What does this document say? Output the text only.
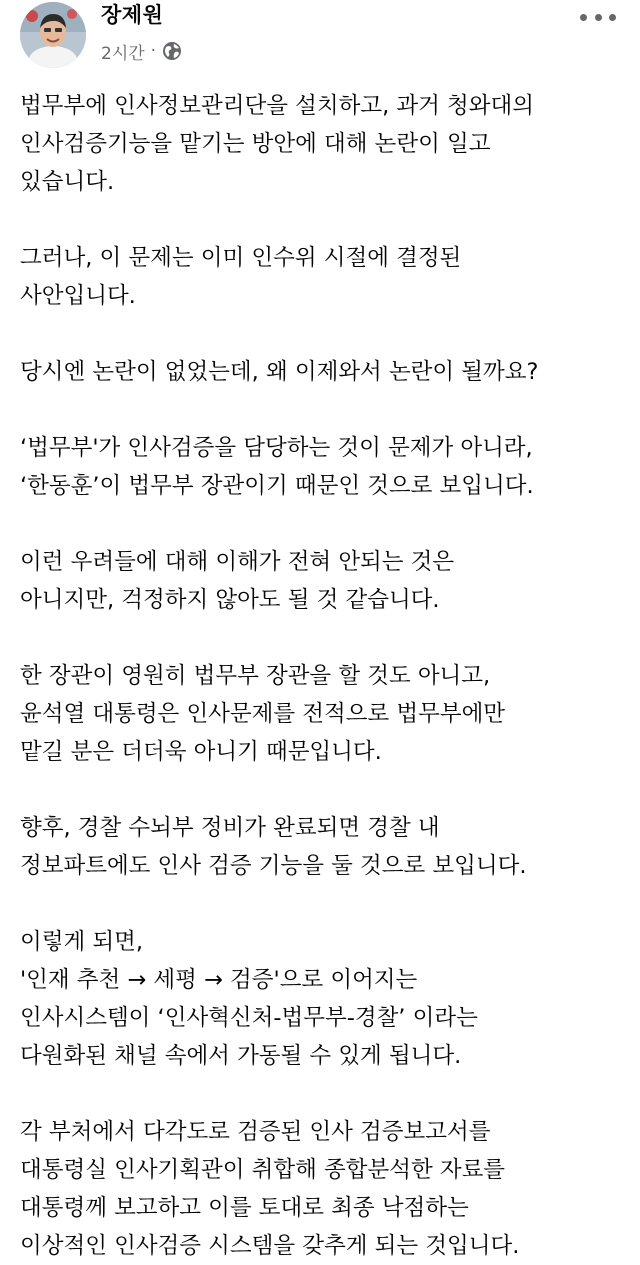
장제원
2시간 ·
법무부에 인사정보관리단을 설치하고, 과거 청와대의
인사검증기능을 맡기는 방안에 대해 논란이 일고
있습니다.
그러나, 이 문제는 이미 인수위 시절에 결정된
사안입니다.
당시엔 논란이 없었는데, 왜 이제와서 논란이 될까요?
‘법무부'가 인사검증을 담당하는 것이 문제가 아니라,
‘한동훈’이 법무부 장관이기 때문인 것으로 보입니다.
이런 우려들에 대해 이해가 전혀 안되는 것은
아니지만, 걱정하지 않아도 될 것 같습니다.
한 장관이 영원히 법무부 장관을 할 것도 아니고,
윤석열 대통령은 인사문제를 전적으로 법무부에만
맡길 분은 더더욱 아니기 때문입니다.
향후, 경찰 수뇌부 정비가 완료되면 경찰 내
정보파트에도 인사 검증 기능을 둘 것으로 보입니다.
이렇게 되면,
'인재 추천 → 세평 → 검증'으로 이어지는
인사시스템이 ‘인사혁신처-법무부-경찰’ 이라는
다원화된 채널 속에서 가동될 수 있게 됩니다.
각 부처에서 다각도로 검증된 인사 검증보고서를
대통령실 인사기획관이 취합해 종합분석한 자료를
대통령께 보고하고 이를 토대로 최종 낙점하는
이상적인 인사검증 시스템을 갖추게 되는 것입니다.
